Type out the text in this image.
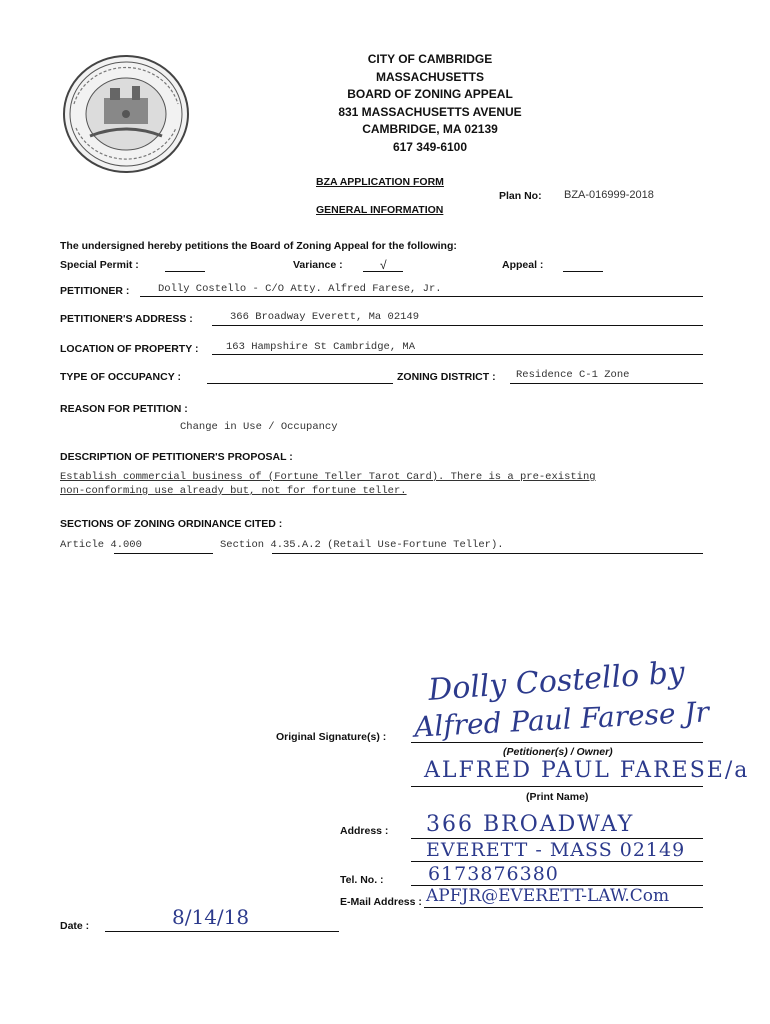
CITY OF CAMBRIDGE
MASSACHUSETTS
BOARD OF ZONING APPEAL
831 MASSACHUSETTS AVENUE
CAMBRIDGE, MA 02139
617 349-6100
BZA APPLICATION FORM
Plan No: BZA-016999-2018
GENERAL INFORMATION
The undersigned hereby petitions the Board of Zoning Appeal for the following:
Special Permit :	Variance :	√	Appeal :
PETITIONER :	Dolly Costello - C/O Atty. Alfred Farese, Jr.
PETITIONER'S ADDRESS :	366 Broadway Everett, Ma 02149
LOCATION OF PROPERTY :	163 Hampshire St Cambridge, MA
TYPE OF OCCUPANCY :	ZONING DISTRICT : Residence C-1 Zone
REASON FOR PETITION :
Change in Use / Occupancy
DESCRIPTION OF PETITIONER'S PROPOSAL :
Establish commercial business of (Fortune Teller Tarot Card). There is a pre-existing
non-conforming use already but, not for fortune teller.
SECTIONS OF ZONING ORDINANCE CITED :
Article 4.000	Section 4.35.A.2 (Retail Use-Fortune Teller).
Dolly Costello by
Alfred Paul Farese Jr
Original Signature(s) :
(Petitioner(s) / Owner)
ALFRED PAUL FARESE/a
(Print Name)
Address : 366 BROADWAY
EVERETT - MASS 02149
Tel. No. : 6173876380
E-Mail Address : APFJR@EVERETT-LAW.Com
Date :	8/14/18
